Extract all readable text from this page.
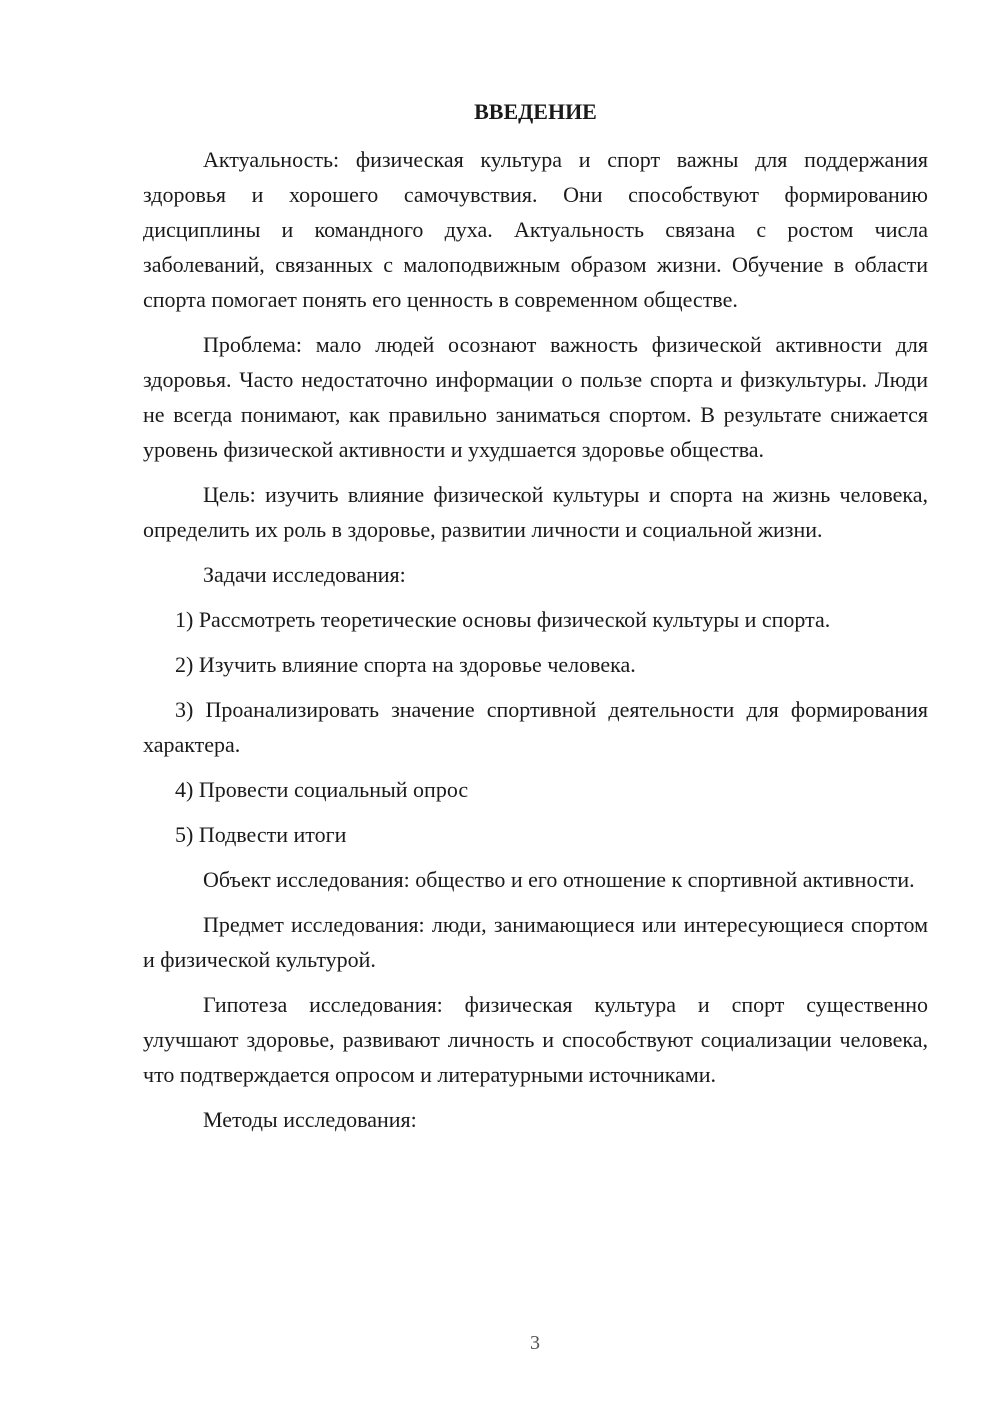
ВВЕДЕНИЕ

Актуальность: физическая культура и спорт важны для поддержания здоровья и хорошего самочувствия. Они способствуют формированию дисциплины и командного духа. Актуальность связана с ростом числа заболеваний, связанных с малоподвижным образом жизни. Обучение в области спорта помогает понять его ценность в современном обществе.

Проблема: мало людей осознают важность физической активности для здоровья. Часто недостаточно информации о пользе спорта и физкультуры. Люди не всегда понимают, как правильно заниматься спортом. В результате снижается уровень физической активности и ухудшается здоровье общества.

Цель: изучить влияние физической культуры и спорта на жизнь человека, определить их роль в здоровье, развитии личности и социальной жизни.

Задачи исследования:

1) Рассмотреть теоретические основы физической культуры и спорта.

2) Изучить влияние спорта на здоровье человека.

3) Проанализировать значение спортивной деятельности для формирования характера.

4) Провести социальный опрос

5) Подвести итоги

Объект исследования: общество и его отношение к спортивной активности.

Предмет исследования: люди, занимающиеся или интересующиеся спортом и физической культурой.

Гипотеза исследования: физическая культура и спорт существенно улучшают здоровье, развивают личность и способствуют социализации человека, что подтверждается опросом и литературными источниками.

Методы исследования:

3
